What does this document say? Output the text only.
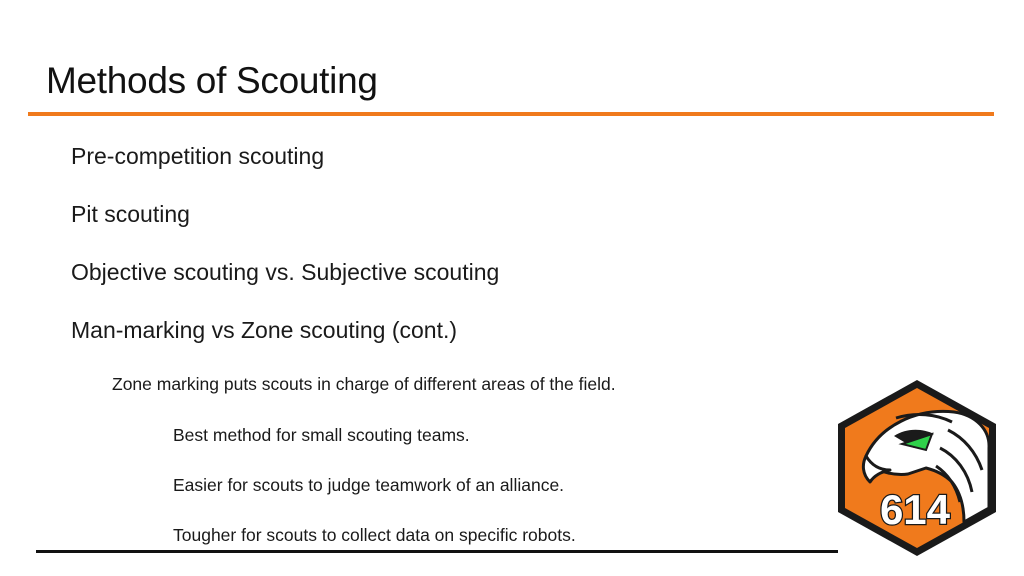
Methods of Scouting
Pre-competition scouting
Pit scouting
Objective scouting vs. Subjective scouting
Man-marking vs Zone scouting (cont.)
Zone marking puts scouts in charge of different areas of the field.
Best method for small scouting teams.
Easier for scouts to judge teamwork of an alliance.
Tougher for scouts to collect data on specific robots.
614
